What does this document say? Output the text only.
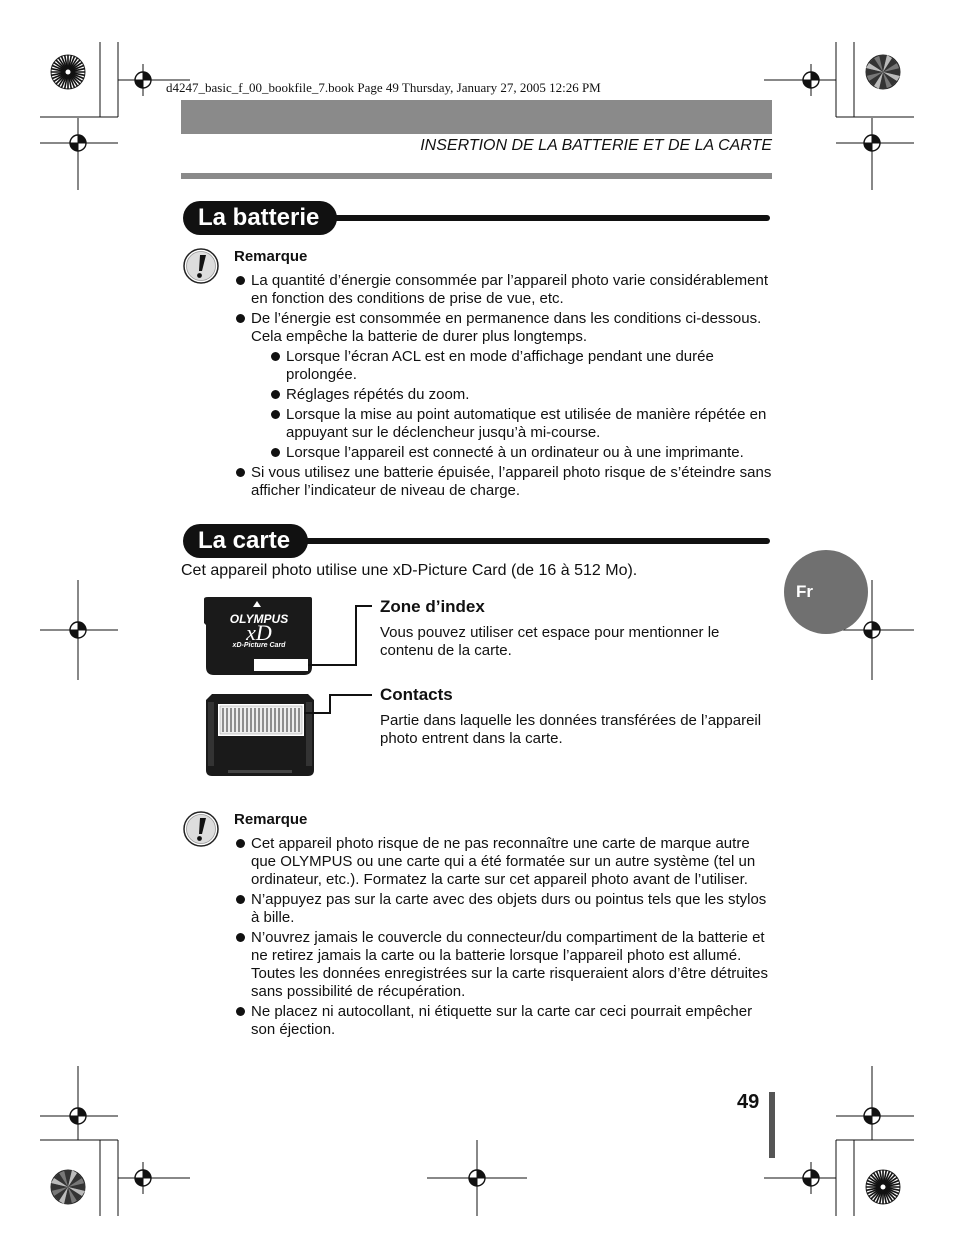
d4247_basic_f_00_bookfile_7.book Page 49 Thursday, January 27, 2005 12:26 PM
INSERTION DE LA BATTERIE ET DE LA CARTE
La batterie
Remarque
La quantité d’énergie consommée par l’appareil photo varie considérablement en fonction des conditions de prise de vue, etc.
De l’énergie est consommée en permanence dans les conditions ci-dessous. Cela empêche la batterie de durer plus longtemps.
Lorsque l’écran ACL est en mode d’affichage pendant une durée prolongée.
Réglages répétés du zoom.
Lorsque la mise au point automatique est utilisée de manière répétée en appuyant sur le déclencheur jusqu’à mi-course.
Lorsque l’appareil est connecté à un ordinateur ou à une imprimante.
Si vous utilisez une batterie épuisée, l’appareil photo risque de s’éteindre sans afficher l’indicateur de niveau de charge.
La carte
Cet appareil photo utilise une xD-Picture Card (de 16 à 512 Mo).
OLYMPUS
xD
xD-Picture Card
Zone d’index
Vous pouvez utiliser cet espace pour mentionner le contenu de la carte.
Contacts
Partie dans laquelle les données transférées de l’appareil photo entrent dans la carte.
Remarque
Cet appareil photo risque de ne pas reconnaître une carte de marque autre que OLYMPUS ou une carte qui a été formatée sur un autre système (tel un ordinateur, etc.). Formatez la carte sur cet appareil photo avant de l’utiliser.
N’appuyez pas sur la carte avec des objets durs ou pointus tels que les stylos à bille.
N’ouvrez jamais le couvercle du connecteur/du compartiment de la batterie et ne retirez jamais la carte ou la batterie lorsque l’appareil photo est allumé. Toutes les données enregistrées sur la carte risqueraient alors d’être détruites sans possibilité de récupération.
Ne placez ni autocollant, ni étiquette sur la carte car ceci pourrait empêcher son éjection.
Fr
49
